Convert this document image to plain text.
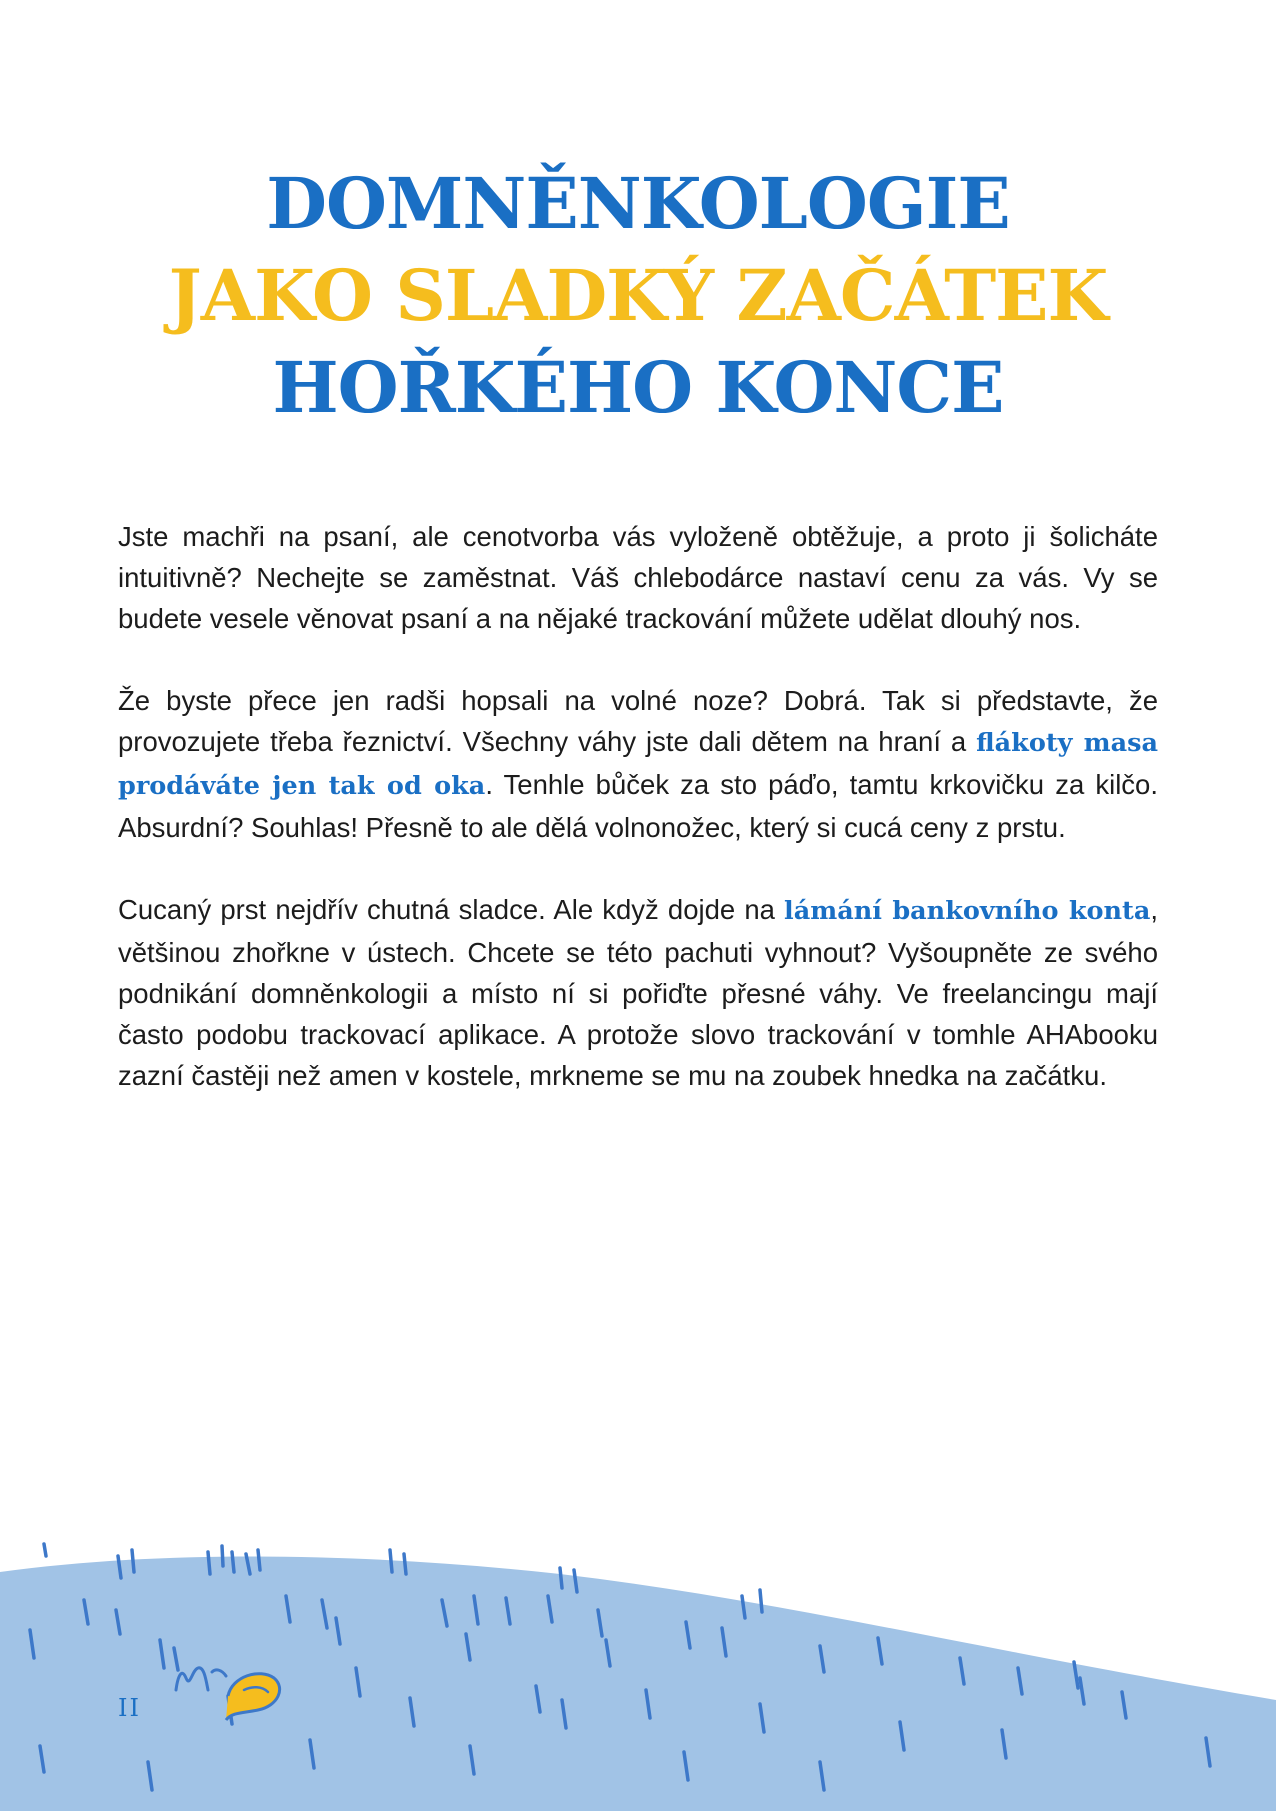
DOMNĚNKOLOGIE
JAKO SLADKÝ ZAČÁTEK
HOŘKÉHO KONCE

Jste machři na psaní, ale cenotvorba vás vyloženě obtěžuje, a proto ji šolicháte intuitivně? Nechejte se zaměstnat. Váš chlebodárce nastaví cenu za vás. Vy se budete vesele věnovat psaní a na nějaké trackování můžete udělat dlouhý nos.

Že byste přece jen radši hopsali na volné noze? Dobrá. Tak si představte, že provozujete třeba řeznictví. Všechny váhy jste dali dětem na hraní a flákoty masa prodáváte jen tak od oka. Tenhle bůček za sto páďo, tamtu krkovičku za kilčo. Absurdní? Souhlas! Přesně to ale dělá volnonožec, který si cucá ceny z prstu.

Cucaný prst nejdřív chutná sladce. Ale když dojde na lámání bankovního konta, většinou zhořkne v ústech. Chcete se této pachuti vyhnout? Vyšoupněte ze svého podnikání domněnkologii a místo ní si pořiďte přesné váhy. Ve freelancingu mají často podobu trackovací aplikace. A protože slovo trackování v tomhle AHAbooku zazní častěji než amen v kostele, mrkneme se mu na zoubek hnedka na začátku.

II
